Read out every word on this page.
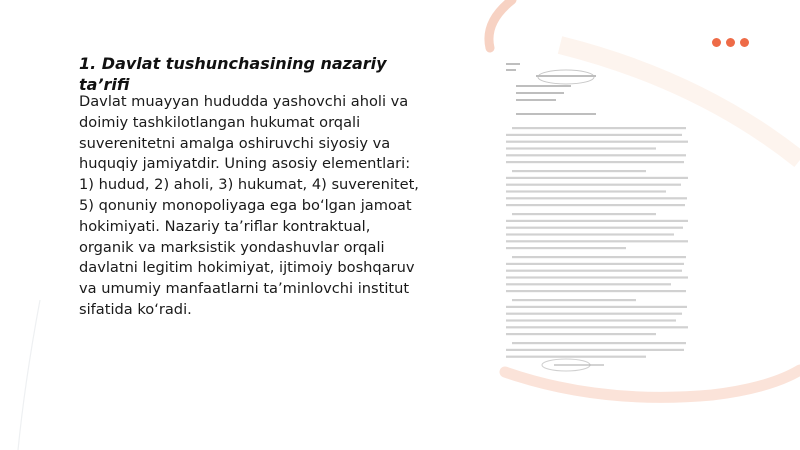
1. Davlat tushunchasining nazariy ta’rifi

Davlat muayyan hududda yashovchi aholi va doimiy tashkilotlangan hukumat orqali suverenitetni amalga oshiruvchi siyosiy va huquqiy jamiyatdir. Uning asosiy elementlari: 1) hudud, 2) aholi, 3) hukumat, 4) suverenitet, 5) qonuniy monopoliyaga ega bo‘lgan jamoat hokimiyati. Nazariy ta’riflar kontraktual, organik va marksistik yondashuvlar orqali davlatni legitim hokimiyat, ijtimoiy boshqaruv va umumiy manfaatlarni ta’minlovchi institut sifatida ko‘radi.
